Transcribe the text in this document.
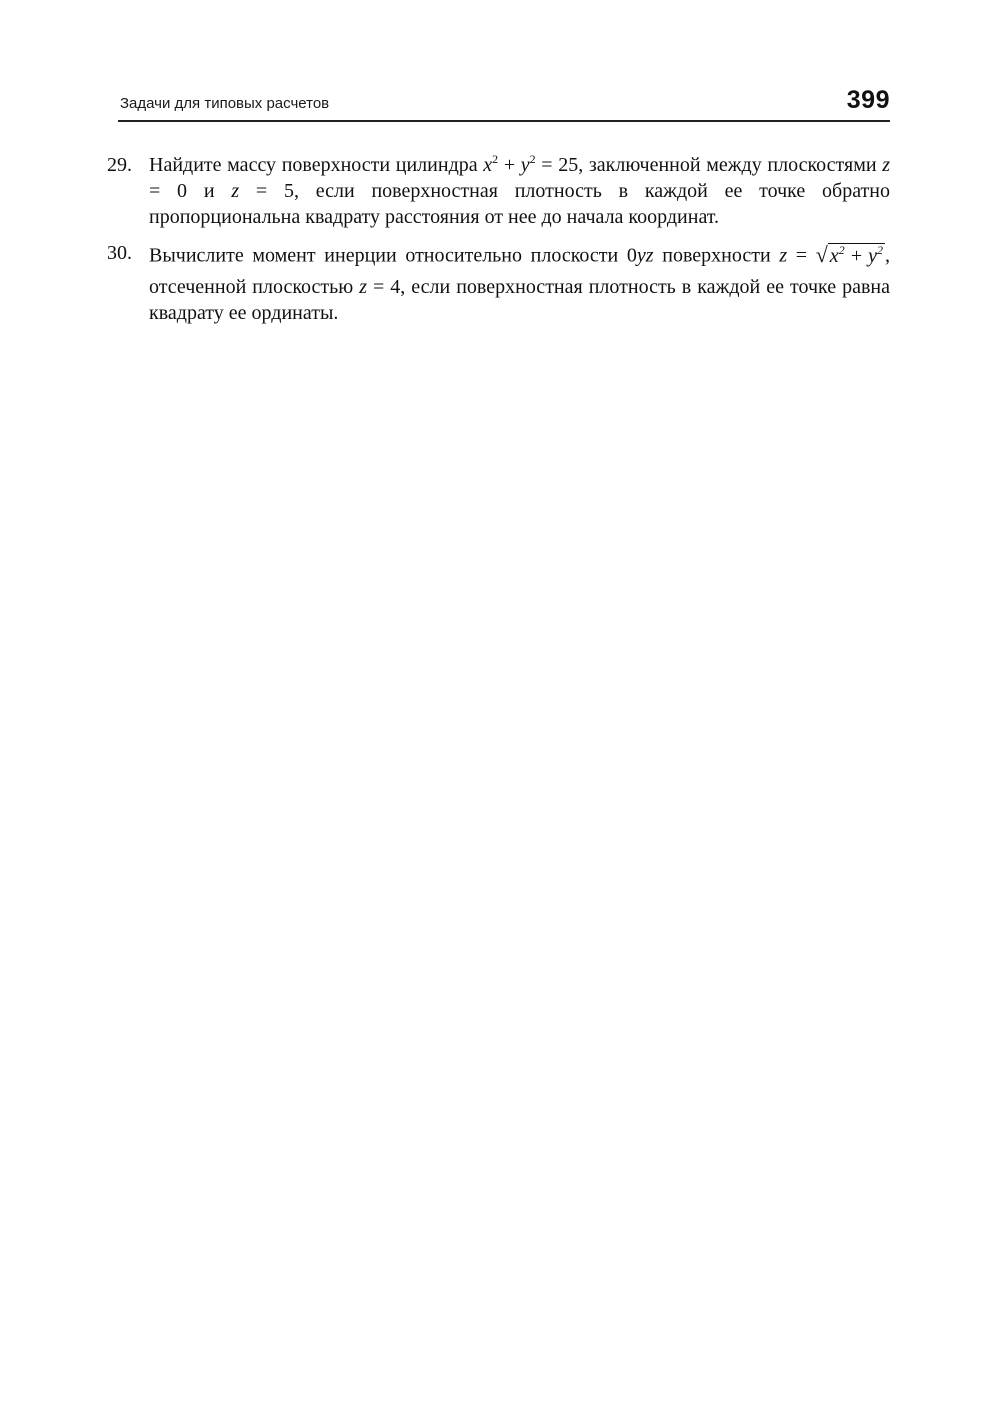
Задачи для типовых расчетов	399
29. Найдите массу поверхности цилиндра $x^2 + y^2 = 25$, заключенной между плоскостями z = 0 и z = 5, если поверхностная плотность в каждой ее точке обратно пропорциональна квадрату расстояния от нее до начала координат.
30. Вычислите момент инерции относительно плоскости 0yz поверхности z = √ $x^2 + y^2$ , отсеченной плоскостью z = 4, если поверхностная плотность в каждой ее точке равна квадрату ее ординаты.
